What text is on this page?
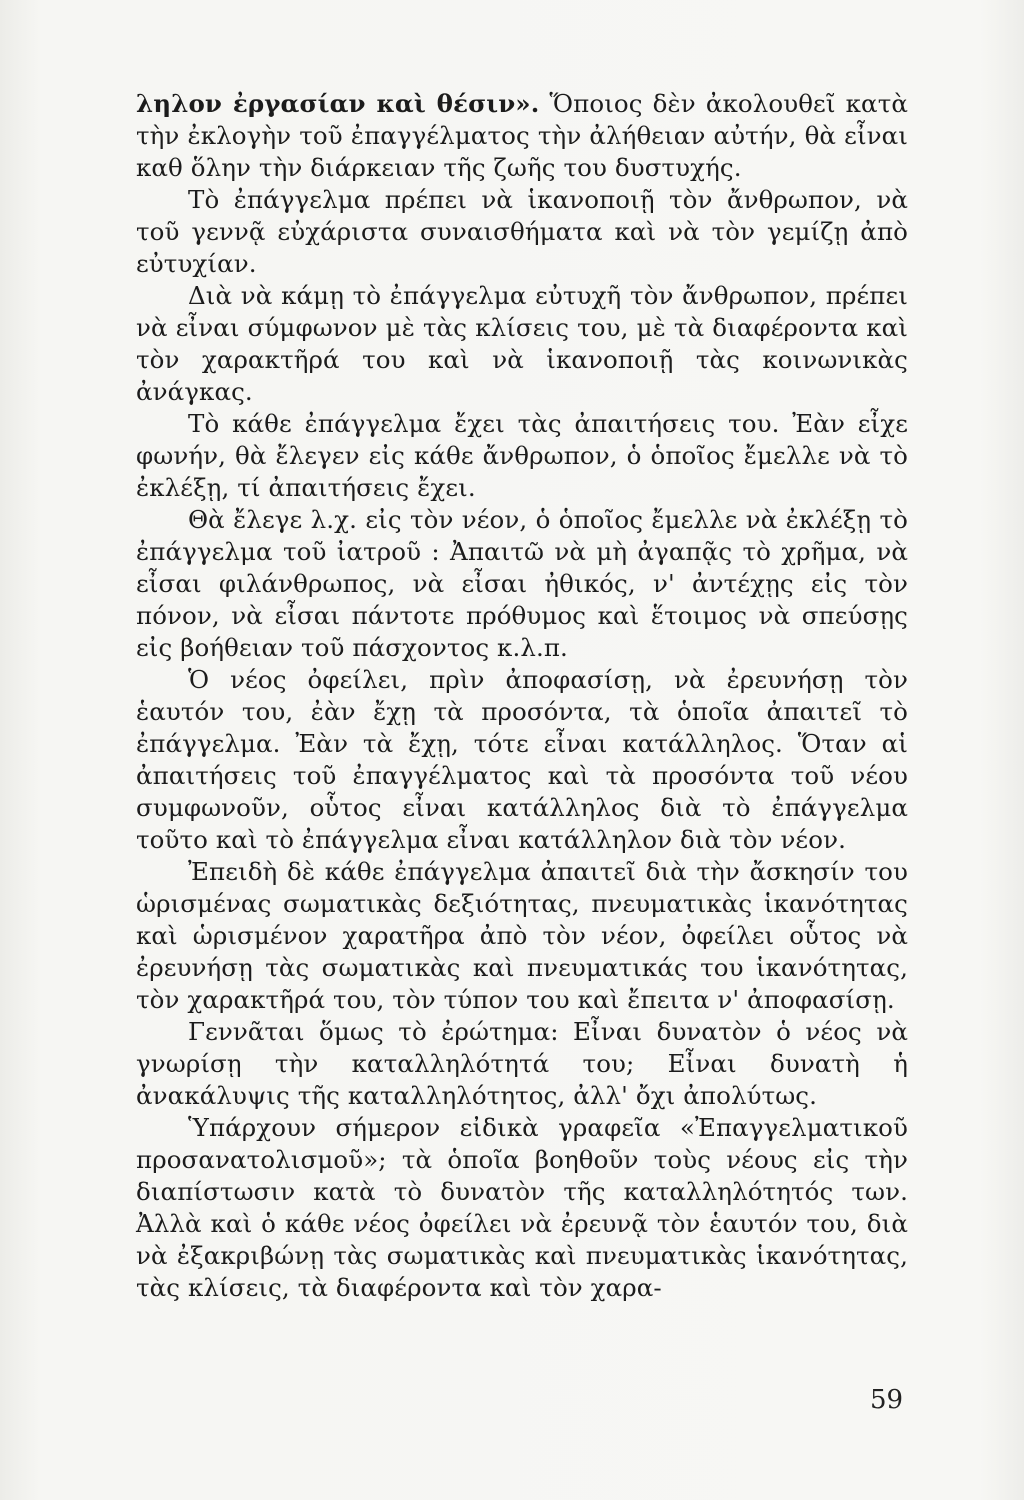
ληλον ἐργασίαν καὶ θέσιν». Ὅποιος δὲν ἀκολουθεῖ κατὰ τὴν ἐκλογὴν τοῦ ἐπαγγέλματος τὴν ἀλήθειαν αὐτήν, θὰ εἶναι καθ ὅλην τὴν διάρκειαν τῆς ζωῆς του δυστυχής.

Τὸ ἐπάγγελμα πρέπει νὰ ἱκανοποιῇ τὸν ἄνθρωπον, νὰ τοῦ γεννᾷ εὐχάριστα συναισθήματα καὶ νὰ τὸν γεμίζῃ ἀπὸ εὐτυχίαν.

Διὰ νὰ κάμῃ τὸ ἐπάγγελμα εὐτυχῆ τὸν ἄνθρωπον, πρέπει νὰ εἶναι σύμφωνον μὲ τὰς κλίσεις του, μὲ τὰ διαφέροντα καὶ τὸν χαρακτῆρά του καὶ νὰ ἱκανοποιῇ τὰς κοινωνικὰς ἀνάγκας.

Τὸ κάθε ἐπάγγελμα ἔχει τὰς ἀπαιτήσεις του. Ἐὰν εἶχε φωνήν, θὰ ἔλεγεν εἰς κάθε ἄνθρωπον, ὁ ὁποῖος ἔμελλε νὰ τὸ ἐκλέξῃ, τί ἀπαιτήσεις ἔχει.

Θὰ ἔλεγε λ.χ. εἰς τὸν νέον, ὁ ὁποῖος ἔμελλε νὰ ἐκλέξῃ τὸ ἐπάγγελμα τοῦ ἰατροῦ : Ἀπαιτῶ νὰ μὴ ἀγαπᾷς τὸ χρῆμα, νὰ εἶσαι φιλάνθρωπος, νὰ εἶσαι ἠθικός, ν' ἀντέχῃς εἰς τὸν πόνον, νὰ εἶσαι πάντοτε πρόθυμος καὶ ἕτοιμος νὰ σπεύσῃς εἰς βοήθειαν τοῦ πάσχοντος κ.λ.π.

Ὁ νέος ὀφείλει, πρὶν ἀποφασίσῃ, νὰ ἐρευνήσῃ τὸν ἑαυτόν του, ἐὰν ἔχῃ τὰ προσόντα, τὰ ὁποῖα ἀπαιτεῖ τὸ ἐπάγγελμα. Ἐὰν τὰ ἔχῃ, τότε εἶναι κατάλληλος. Ὅταν αἱ ἀπαιτήσεις τοῦ ἐπαγγέλματος καὶ τὰ προσόντα τοῦ νέου συμφωνοῦν, οὗτος εἶναι κατάλληλος διὰ τὸ ἐπάγγελμα τοῦτο καὶ τὸ ἐπάγγελμα εἶναι κατάλληλον διὰ τὸν νέον.

Ἐπειδὴ δὲ κάθε ἐπάγγελμα ἀπαιτεῖ διὰ τὴν ἄσκησίν του ὡρισμένας σωματικὰς δεξιότητας, πνευματικὰς ἱκανότητας καὶ ὡρισμένον χαρατῆρα ἀπὸ τὸν νέον, ὀφείλει οὗτος νὰ ἐρευνήσῃ τὰς σωματικὰς καὶ πνευματικάς του ἱκανότητας, τὸν χαρακτῆρά του, τὸν τύπον του καὶ ἔπειτα ν' ἀποφασίσῃ.

Γεννᾶται ὅμως τὸ ἐρώτημα: Εἶναι δυνατὸν ὁ νέος νὰ γνωρίσῃ τὴν καταλληλότητά του; Εἶναι δυνατὴ ἡ ἀνακάλυψις τῆς καταλληλότητος, ἀλλ' ὄχι ἀπολύτως.

Ὑπάρχουν σήμερον εἰδικὰ γραφεῖα «Ἐπαγγελματικοῦ προσανατολισμοῦ»; τὰ ὁποῖα βοηθοῦν τοὺς νέους εἰς τὴν διαπίστωσιν κατὰ τὸ δυνατὸν τῆς καταλληλότητός των. Ἀλλὰ καὶ ὁ κάθε νέος ὀφείλει νὰ ἐρευνᾷ τὸν ἑαυτόν του, διὰ νὰ ἐξακριβώνῃ τὰς σωματικὰς καὶ πνευματικὰς ἱκανότητας, τὰς κλίσεις, τὰ διαφέροντα καὶ τὸν χαρα-

59
